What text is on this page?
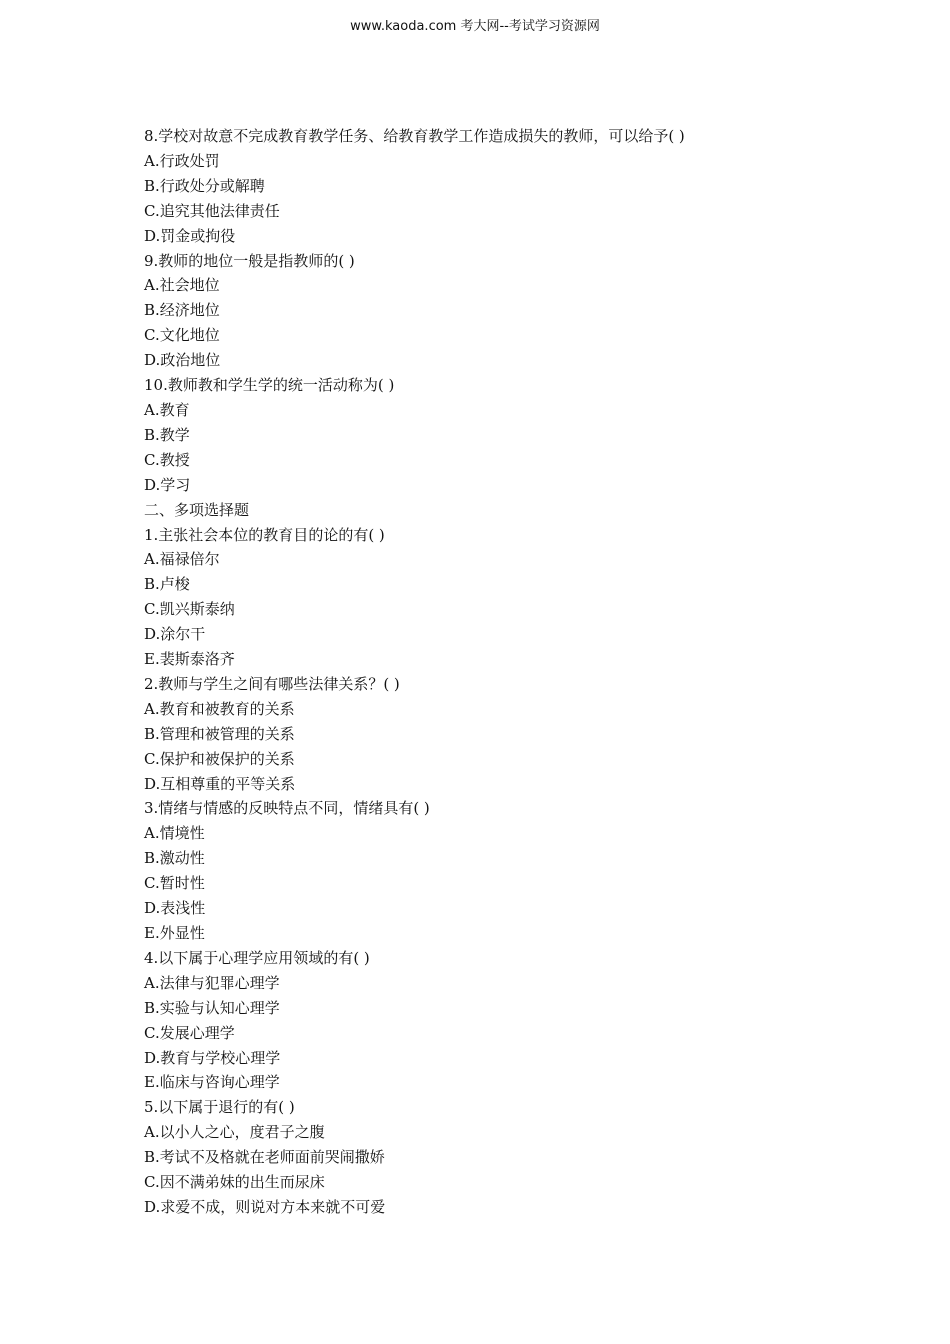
www.kaoda.com 考大网--考试学习资源网
8.学校对故意不完成教育教学任务、给教育教学工作造成损失的教师，可以给予( )
A.行政处罚
B.行政处分或解聘
C.追究其他法律责任
D.罚金或拘役
9.教师的地位一般是指教师的( )
A.社会地位
B.经济地位
C.文化地位
D.政治地位
10.教师教和学生学的统一活动称为( )
A.教育
B.教学
C.教授
D.学习
二、多项选择题
1.主张社会本位的教育目的论的有( )
A.福禄倍尔
B.卢梭
C.凯兴斯泰纳
D.涂尔干
E.裴斯泰洛齐
2.教师与学生之间有哪些法律关系？( )
A.教育和被教育的关系
B.管理和被管理的关系
C.保护和被保护的关系
D.互相尊重的平等关系
3.情绪与情感的反映特点不同，情绪具有( )
A.情境性
B.激动性
C.暂时性
D.表浅性
E.外显性
4.以下属于心理学应用领域的有( )
A.法律与犯罪心理学
B.实验与认知心理学
C.发展心理学
D.教育与学校心理学
E.临床与咨询心理学
5.以下属于退行的有( )
A.以小人之心，度君子之腹
B.考试不及格就在老师面前哭闹撒娇
C.因不满弟妹的出生而尿床
D.求爱不成，则说对方本来就不可爱
